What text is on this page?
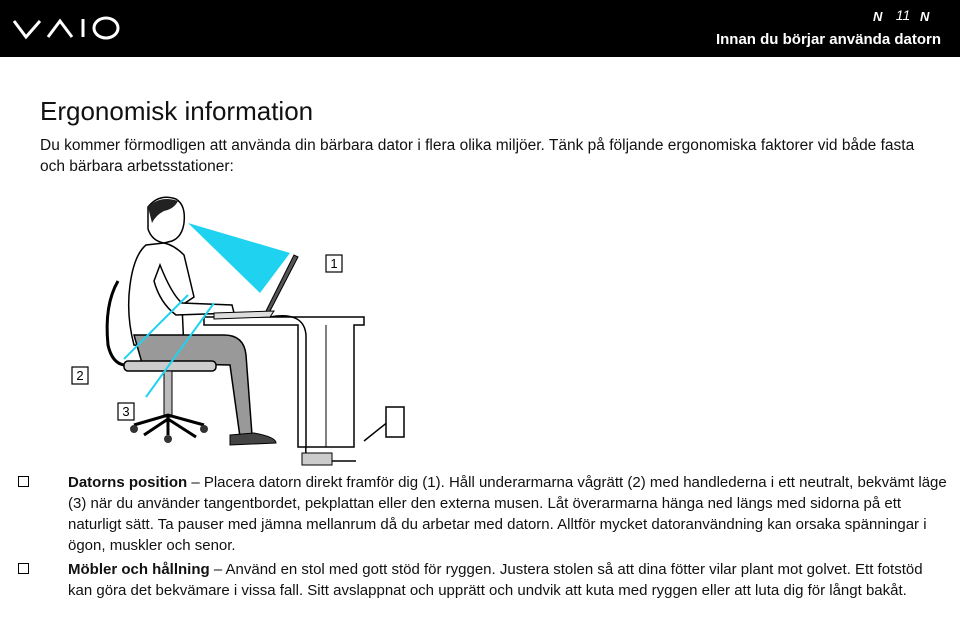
N 11 N
Innan du börjar använda datorn
Ergonomisk information
Du kommer förmodligen att använda din bärbara dator i flera olika miljöer. Tänk på följande ergonomiska faktorer vid både fasta och bärbara arbetsstationer:
1
2
3
Datorns position – Placera datorn direkt framför dig (1). Håll underarmarna vågrätt (2) med handlederna i ett neutralt, bekvämt läge (3) när du använder tangentbordet, pekplattan eller den externa musen. Låt överarmarna hänga ned längs med sidorna på ett naturligt sätt. Ta pauser med jämna mellanrum då du arbetar med datorn. Alltför mycket datoranvändning kan orsaka spänningar i ögon, muskler och senor.
Möbler och hållning – Använd en stol med gott stöd för ryggen. Justera stolen så att dina fötter vilar plant mot golvet. Ett fotstöd kan göra det bekvämare i vissa fall. Sitt avslappnat och upprätt och undvik att kuta med ryggen eller att luta dig för långt bakåt.
